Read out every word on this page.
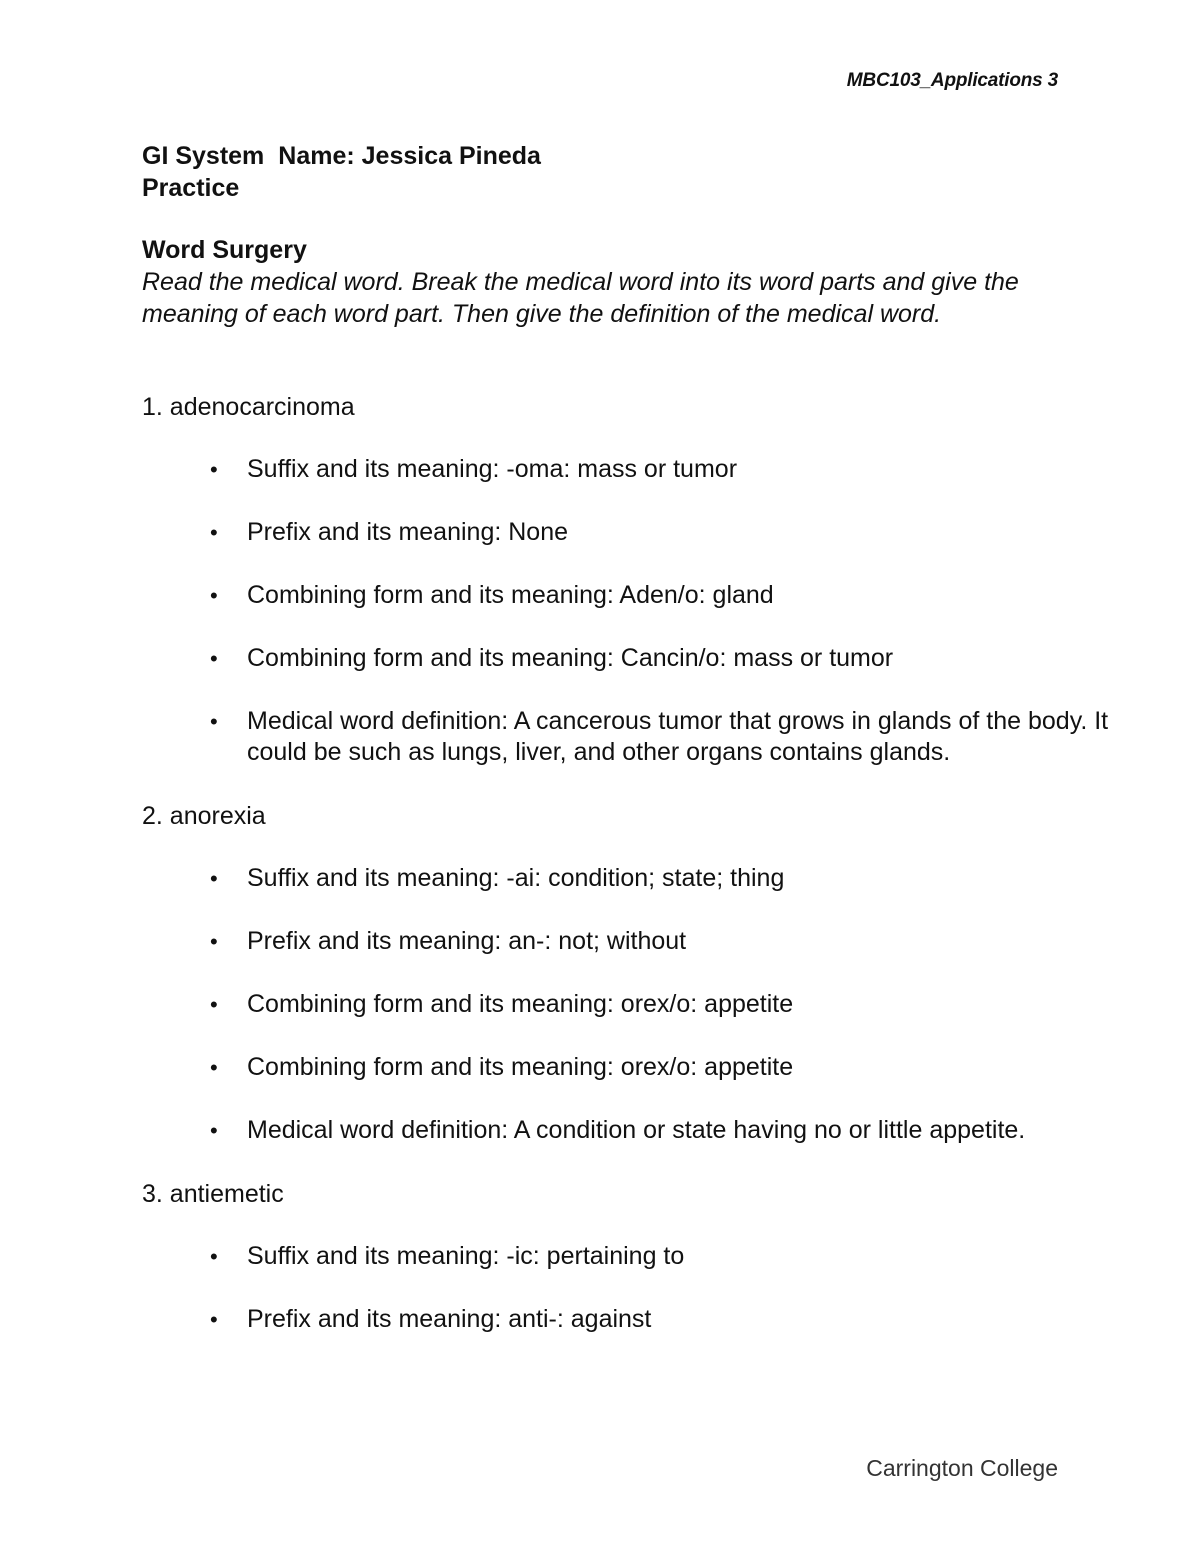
MBC103_Applications 3

GI System Name: Jessica Pineda

Practice

Word Surgery

Read the medical word. Break the medical word into its word parts and give the meaning of each word part. Then give the definition of the medical word.

1. adenocarcinoma

• Suffix and its meaning: -oma: mass or tumor
• Prefix and its meaning: None
• Combining form and its meaning: Aden/o: gland
• Combining form and its meaning: Cancin/o: mass or tumor
• Medical word definition: A cancerous tumor that grows in glands of the body. It could be such as lungs, liver, and other organs contains glands.

2. anorexia

• Suffix and its meaning: -ai: condition; state; thing
• Prefix and its meaning: an-: not; without
• Combining form and its meaning: orex/o: appetite
• Combining form and its meaning: orex/o: appetite
• Medical word definition: A condition or state having no or little appetite.

3. antiemetic

• Suffix and its meaning: -ic: pertaining to
• Prefix and its meaning: anti-: against
Carrington College
